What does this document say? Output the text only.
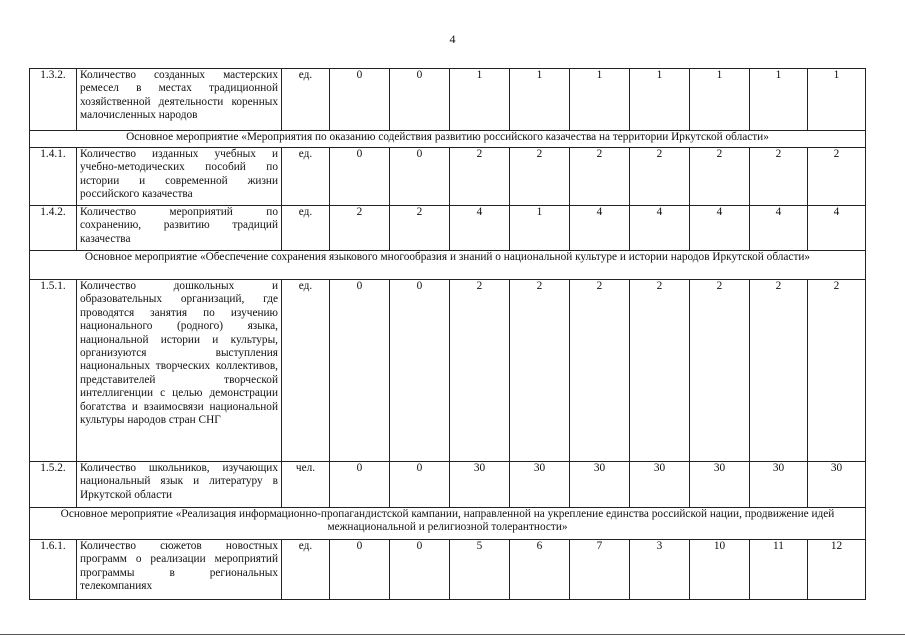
4
1.3.2.	Количество созданных мастерских ремесел в местах традиционной хозяйственной деятельности коренных малочисленных народов	ед.	0	0	1	1	1	1	1	1	1
Основное мероприятие «Мероприятия по оказанию содействия развитию российского казачества на территории Иркутской области»											
1.4.1.	Количество изданных учебных и учебно-методических пособий по истории и современной жизни российского казачества	ед.	0	0	2	2	2	2	2	2	2
1.4.2.	Количество мероприятий по сохранению, развитию традиций казачества	ед.	2	2	4	1	4	4	4	4	4
Основное мероприятие «Обеспечение сохранения языкового многообразия и знаний о национальной культуре и истории народов Иркутской области»											
1.5.1.	Количество дошкольных и образовательных организаций, где проводятся занятия по изучению национального (родного) языка, национальной истории и культуры, организуются выступления национальных творческих коллективов, представителей творческой интеллигенции с целью демонстрации богатства и взаимосвязи национальной культуры народов стран СНГ	ед.	0	0	2	2	2	2	2	2	2
1.5.2.	Количество школьников, изучающих национальный язык и литературу в Иркутской области	чел.	0	0	30	30	30	30	30	30	30
Основное мероприятие «Реализация информационно-пропагандистской кампании, направленной на укрепление единства российской нации, продвижение идей межнациональной и религиозной толерантности»											
1.6.1.	Количество сюжетов новостных программ о реализации мероприятий программы в региональных телекомпаниях	ед.	0	0	5	6	7	3	10	11	12
